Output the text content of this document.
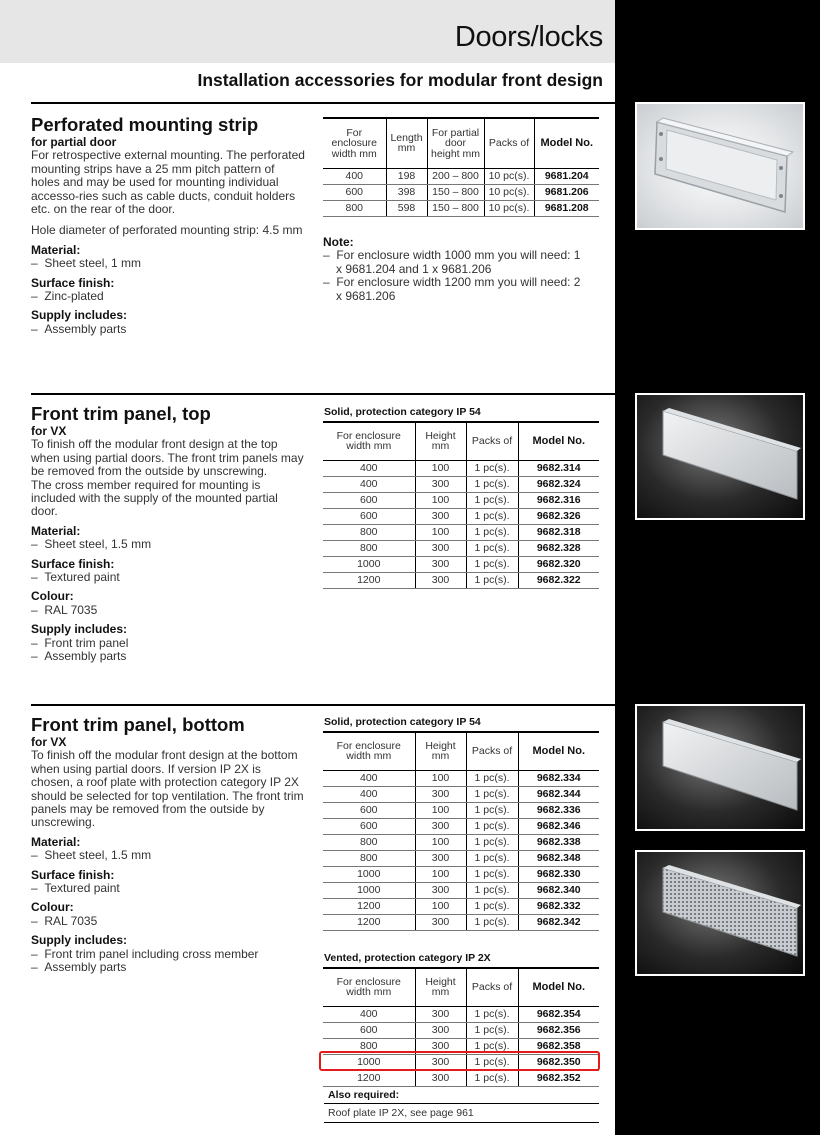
Doors/locks
Installation accessories for modular front design
Perforated mounting strip
for partial door
For retrospective external mounting. The perforated mounting strips have a 25 mm pitch pattern of holes and may be used for mounting individual accesso-ries such as cable ducts, conduit holders etc. on the rear of the door.
Hole diameter of perforated mounting strip: 4.5 mm
Material:
–  Sheet steel, 1 mm
Surface finish:
–  Zinc-plated
Supply includes:
–  Assembly parts
For enclosure width mm	Length mm	For partial door height mm	Packs of	Model No.
400	198	200 – 800	10 pc(s).	9681.204
600	398	150 – 800	10 pc(s).	9681.206
800	598	150 – 800	10 pc(s).	9681.208
Note:
–  For enclosure width 1000 mm you will need: 1 x 9681.204 and 1 x 9681.206
–  For enclosure width 1200 mm you will need: 2 x 9681.206
Front trim panel, top
for VX
To finish off the modular front design at the top when using partial doors. The front trim panels may be removed from the outside by unscrewing.
The cross member required for mounting is included with the supply of the mounted partial door.
Material:
–  Sheet steel, 1.5 mm
Surface finish:
–  Textured paint
Colour:
–  RAL 7035
Supply includes:
–  Front trim panel
–  Assembly parts
Solid, protection category IP 54
For enclosure width mm	Height mm	Packs of	Model No.
400	100	1 pc(s).	9682.314
400	300	1 pc(s).	9682.324
600	100	1 pc(s).	9682.316
600	300	1 pc(s).	9682.326
800	100	1 pc(s).	9682.318
800	300	1 pc(s).	9682.328
1000	300	1 pc(s).	9682.320
1200	300	1 pc(s).	9682.322
Front trim panel, bottom
for VX
To finish off the modular front design at the bottom when using partial doors. If version IP 2X is chosen, a roof plate with protection category IP 2X should be selected for top ventilation. The front trim panels may be removed from the outside by unscrewing.
Material:
–  Sheet steel, 1.5 mm
Surface finish:
–  Textured paint
Colour:
–  RAL 7035
Supply includes:
–  Front trim panel including cross member
–  Assembly parts
Solid, protection category IP 54
For enclosure width mm	Height mm	Packs of	Model No.
400	100	1 pc(s).	9682.334
400	300	1 pc(s).	9682.344
600	100	1 pc(s).	9682.336
600	300	1 pc(s).	9682.346
800	100	1 pc(s).	9682.338
800	300	1 pc(s).	9682.348
1000	100	1 pc(s).	9682.330
1000	300	1 pc(s).	9682.340
1200	100	1 pc(s).	9682.332
1200	300	1 pc(s).	9682.342
Vented, protection category IP 2X
For enclosure width mm	Height mm	Packs of	Model No.
400	300	1 pc(s).	9682.354
600	300	1 pc(s).	9682.356
800	300	1 pc(s).	9682.358
1000	300	1 pc(s).	9682.350
1200	300	1 pc(s).	9682.352
Also required:
Roof plate IP 2X, see page 961
